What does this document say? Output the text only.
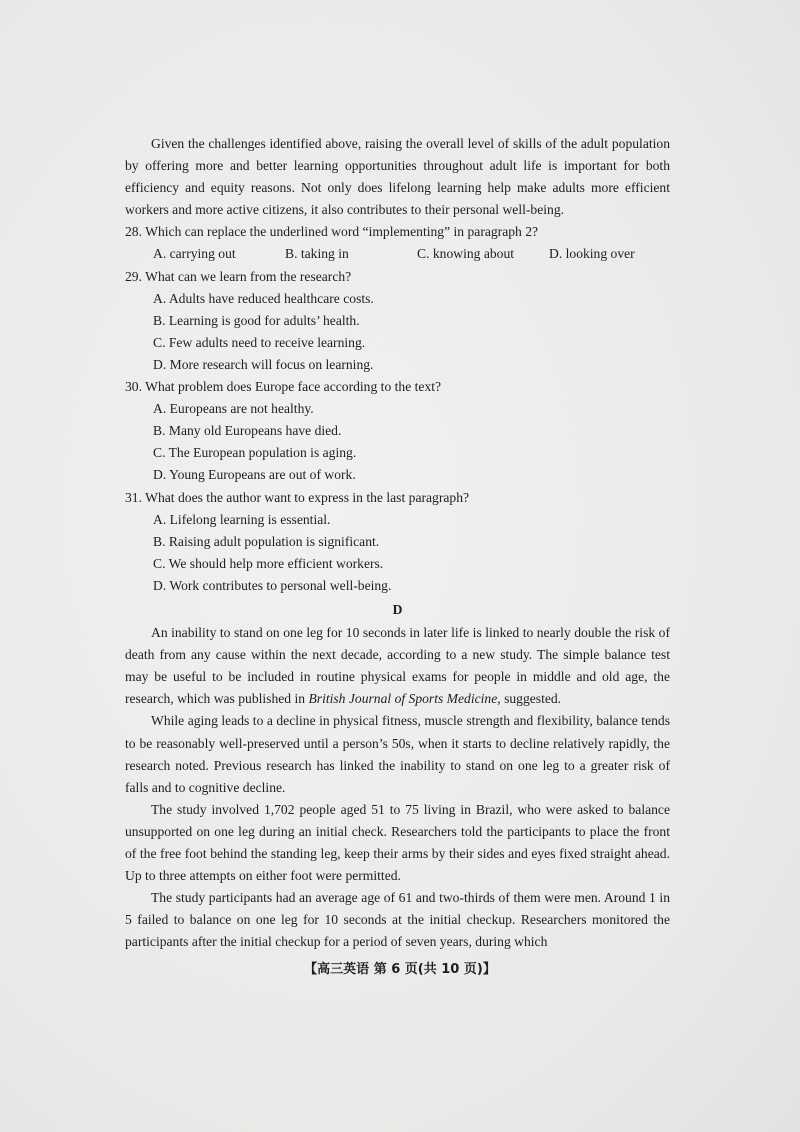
Given the challenges identified above, raising the overall level of skills of the adult population by offering more and better learning opportunities throughout adult life is important for both efficiency and equity reasons. Not only does lifelong learning help make adults more efficient workers and more active citizens, it also contributes to their personal well-being.

28. Which can replace the underlined word “implementing” in paragraph 2?

A. carrying out	B. taking in	C. knowing about	D. looking over

29. What can we learn from the research?

A. Adults have reduced healthcare costs.

B. Learning is good for adults’ health.

C. Few adults need to receive learning.

D. More research will focus on learning.

30. What problem does Europe face according to the text?

A. Europeans are not healthy.

B. Many old Europeans have died.

C. The European population is aging.

D. Young Europeans are out of work.

31. What does the author want to express in the last paragraph?

A. Lifelong learning is essential.

B. Raising adult population is significant.

C. We should help more efficient workers.

D. Work contributes to personal well-being.

D

An inability to stand on one leg for 10 seconds in later life is linked to nearly double the risk of death from any cause within the next decade, according to a new study. The simple balance test may be useful to be included in routine physical exams for people in middle and old age, the research, which was published in British Journal of Sports Medicine, suggested.

While aging leads to a decline in physical fitness, muscle strength and flexibility, balance tends to be reasonably well-preserved until a person’s 50s, when it starts to decline relatively rapidly, the research noted. Previous research has linked the inability to stand on one leg to a greater risk of falls and to cognitive decline.

The study involved 1,702 people aged 51 to 75 living in Brazil, who were asked to balance unsupported on one leg during an initial check. Researchers told the participants to place the front of the free foot behind the standing leg, keep their arms by their sides and eyes fixed straight ahead. Up to three attempts on either foot were permitted.

The study participants had an average age of 61 and two-thirds of them were men. Around 1 in 5 failed to balance on one leg for 10 seconds at the initial checkup. Researchers monitored the participants after the initial checkup for a period of seven years, during which

【高三英语 第 6 页(共 10 页)】
